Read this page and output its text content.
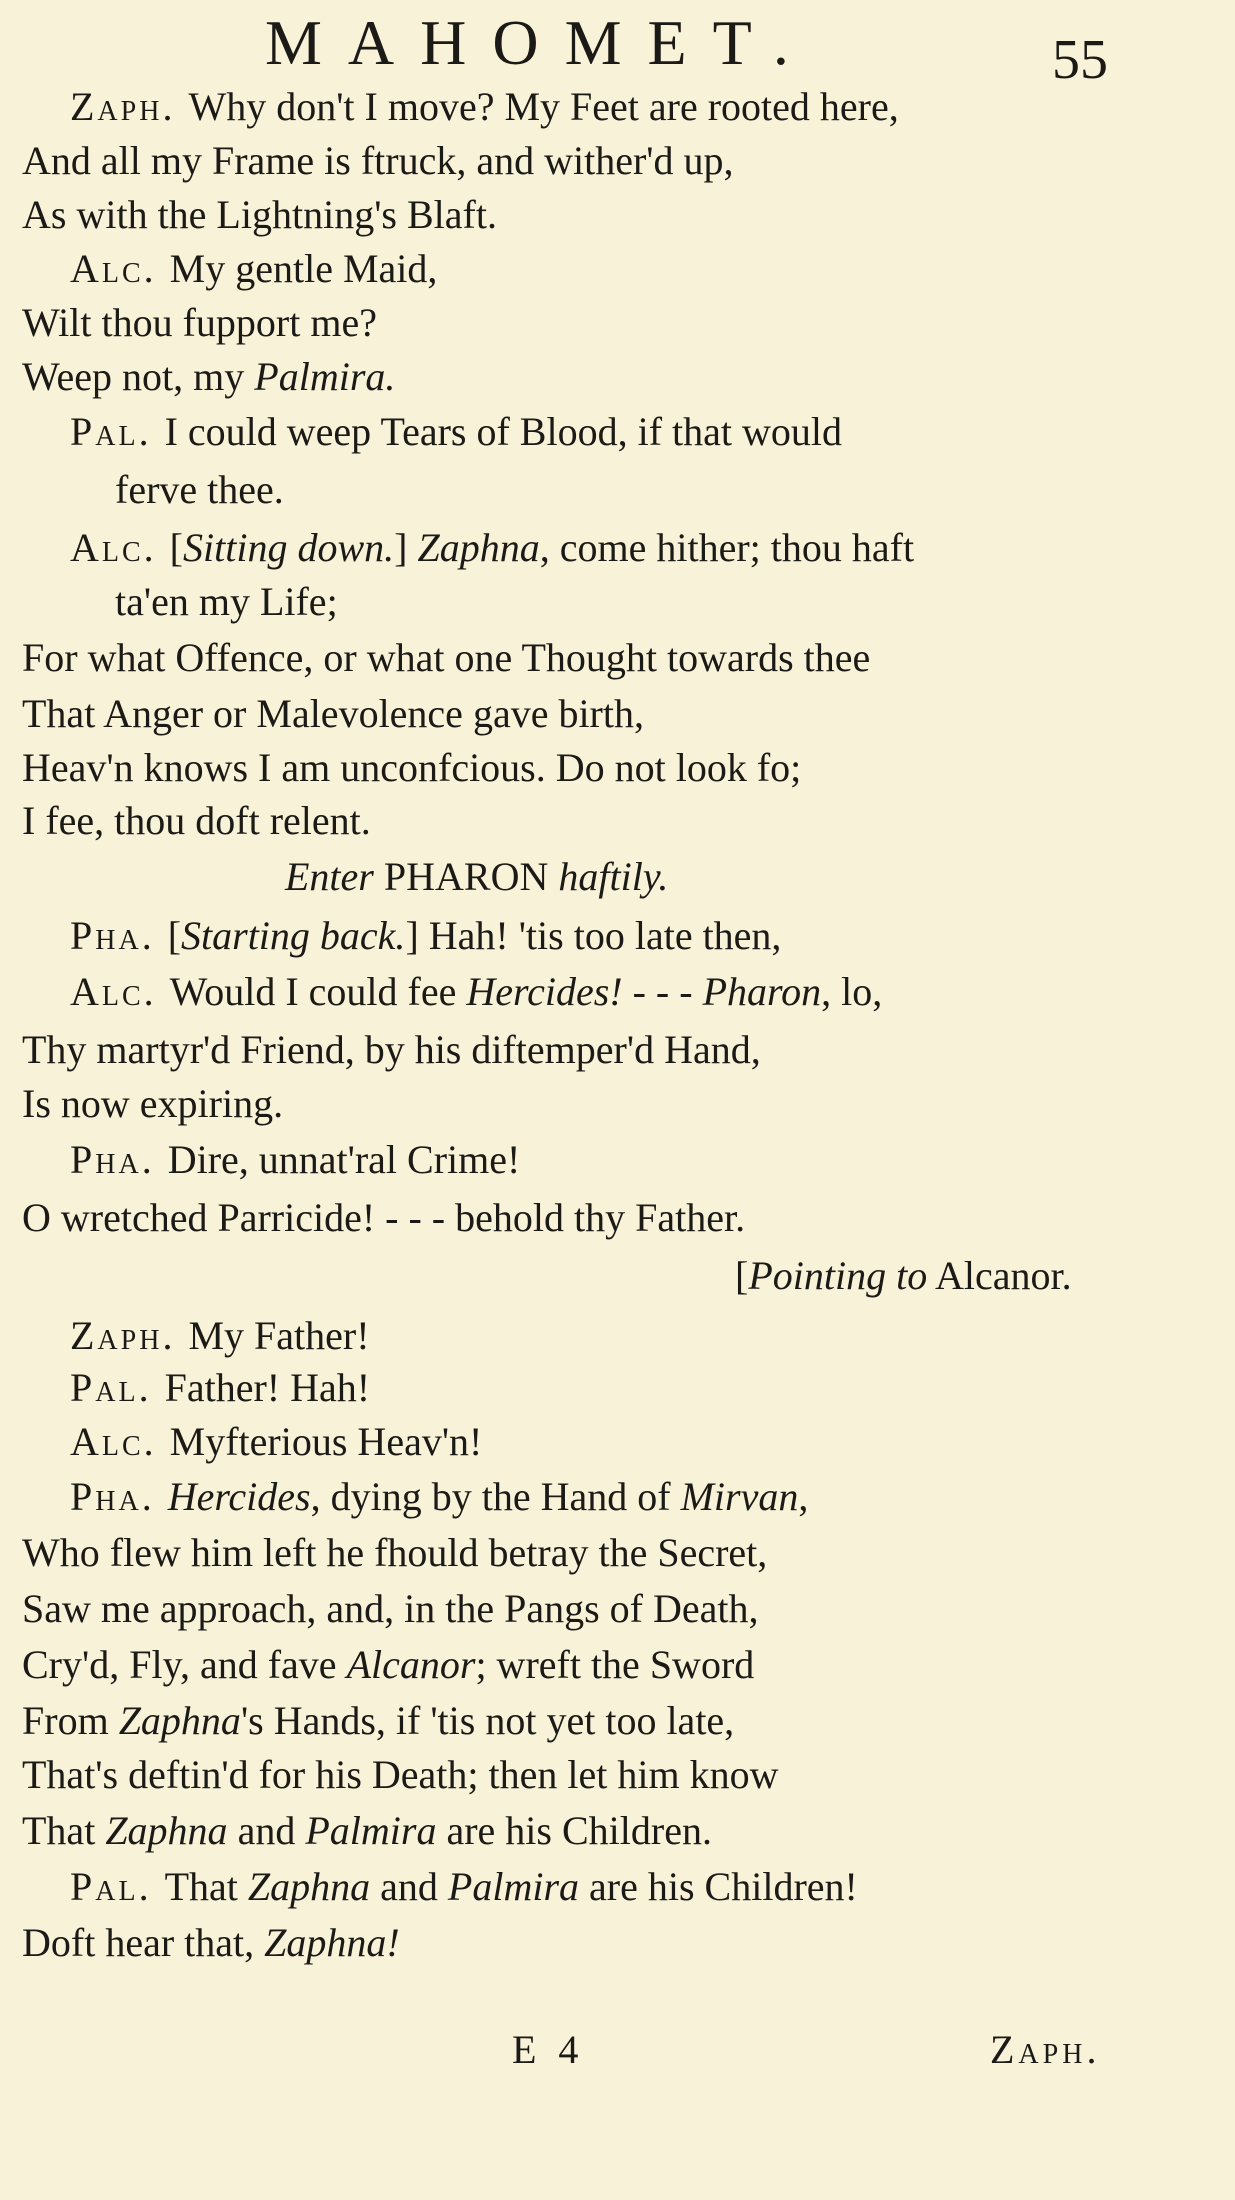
MAHOMET.	55
Zaph. Why don't I move? My Feet are rooted here,
And all my Frame is ftruck, and wither'd up,
As with the Lightning's Blaft.
Alc. My gentle Maid,
Wilt thou fupport me?
Weep not, my Palmira.
Pal. I could weep Tears of Blood, if that would
ferve thee.
Alc. [Sitting down.] Zaphna, come hither; thou haft
ta'en my Life;
For what Offence, or what one Thought towards thee
That Anger or Malevolence gave birth,
Heav'n knows I am unconfcious. Do not look fo;
I fee, thou doft relent.
Enter PHARON haftily.
Pha. [Starting back.] Hah! 'tis too late then,
Alc. Would I could fee Hercides! - - - Pharon, lo,
Thy martyr'd Friend, by his diftemper'd Hand,
Is now expiring.
Pha. Dire, unnat'ral Crime!
O wretched Parricide! - - - behold thy Father.
[Pointing to Alcanor.
Zaph. My Father!
Pal. Father! Hah!
Alc. Myfterious Heav'n!
Pha. Hercides, dying by the Hand of Mirvan,
Who flew him left he fhould betray the Secret,
Saw me approach, and, in the Pangs of Death,
Cry'd, Fly, and fave Alcanor; wreft the Sword
From Zaphna's Hands, if 'tis not yet too late,
That's deftin'd for his Death; then let him know
That Zaphna and Palmira are his Children.
Pal. That Zaphna and Palmira are his Children!
Doft hear that, Zaphna!
E 4	Zaph.
